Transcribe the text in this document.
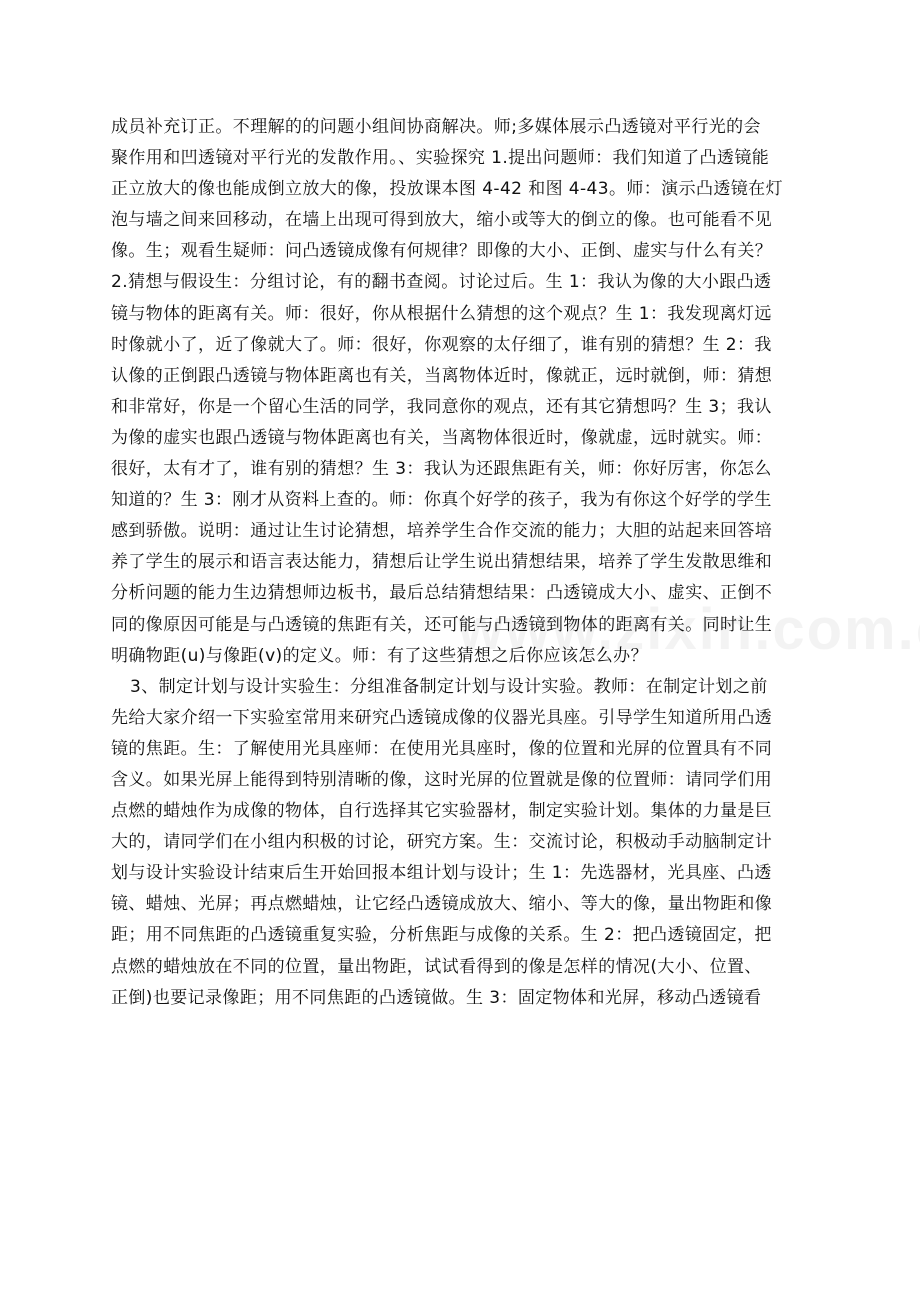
成员补充订正。不理解的的问题小组间协商解决。师;多媒体展示凸透镜对平行光的会
聚作用和凹透镜对平行光的发散作用。、实验探究 1.提出问题师：我们知道了凸透镜能
正立放大的像也能成倒立放大的像，投放课本图 4-42 和图 4-43。师：演示凸透镜在灯
泡与墙之间来回移动，在墙上出现可得到放大，缩小或等大的倒立的像。也可能看不见
像。生；观看生疑师：问凸透镜成像有何规律？即像的大小、正倒、虚实与什么有关？
2.猜想与假设生：分组讨论，有的翻书查阅。讨论过后。生 1：我认为像的大小跟凸透
镜与物体的距离有关。师：很好，你从根据什么猜想的这个观点？生 1：我发现离灯远
时像就小了，近了像就大了。师：很好，你观察的太仔细了，谁有别的猜想？生 2：我
认像的正倒跟凸透镜与物体距离也有关，当离物体近时，像就正，远时就倒，师：猜想
和非常好，你是一个留心生活的同学，我同意你的观点，还有其它猜想吗？生 3；我认
为像的虚实也跟凸透镜与物体距离也有关，当离物体很近时，像就虚，远时就实。师：
很好，太有才了，谁有别的猜想？生 3：我认为还跟焦距有关，师：你好厉害，你怎么
知道的？生 3：刚才从资料上查的。师：你真个好学的孩子，我为有你这个好学的学生
感到骄傲。说明：通过让生讨论猜想，培养学生合作交流的能力；大胆的站起来回答培
养了学生的展示和语言表达能力，猜想后让学生说出猜想结果，培养了学生发散思维和
分析问题的能力生边猜想师边板书，最后总结猜想结果：凸透镜成大小、虚实、正倒不
同的像原因可能是与凸透镜的焦距有关，还可能与凸透镜到物体的距离有关。同时让生
明确物距(u)与像距(v)的定义。师：有了这些猜想之后你应该怎么办？
3、制定计划与设计实验生：分组准备制定计划与设计实验。教师：在制定计划之前
先给大家介绍一下实验室常用来研究凸透镜成像的仪器光具座。引导学生知道所用凸透
镜的焦距。生：了解使用光具座师：在使用光具座时，像的位置和光屏的位置具有不同
含义。如果光屏上能得到特别清晰的像，这时光屏的位置就是像的位置师：请同学们用
点燃的蜡烛作为成像的物体，自行选择其它实验器材，制定实验计划。集体的力量是巨
大的，请同学们在小组内积极的讨论，研究方案。生：交流讨论，积极动手动脑制定计
划与设计实验设计结束后生开始回报本组计划与设计；生 1：先选器材，光具座、凸透
镜、蜡烛、光屏；再点燃蜡烛，让它经凸透镜成放大、缩小、等大的像，量出物距和像
距；用不同焦距的凸透镜重复实验，分析焦距与成像的关系。生 2：把凸透镜固定，把
点燃的蜡烛放在不同的位置，量出物距，试试看得到的像是怎样的情况(大小、位置、
正倒)也要记录像距；用不同焦距的凸透镜做。生 3：固定物体和光屏，移动凸透镜看
